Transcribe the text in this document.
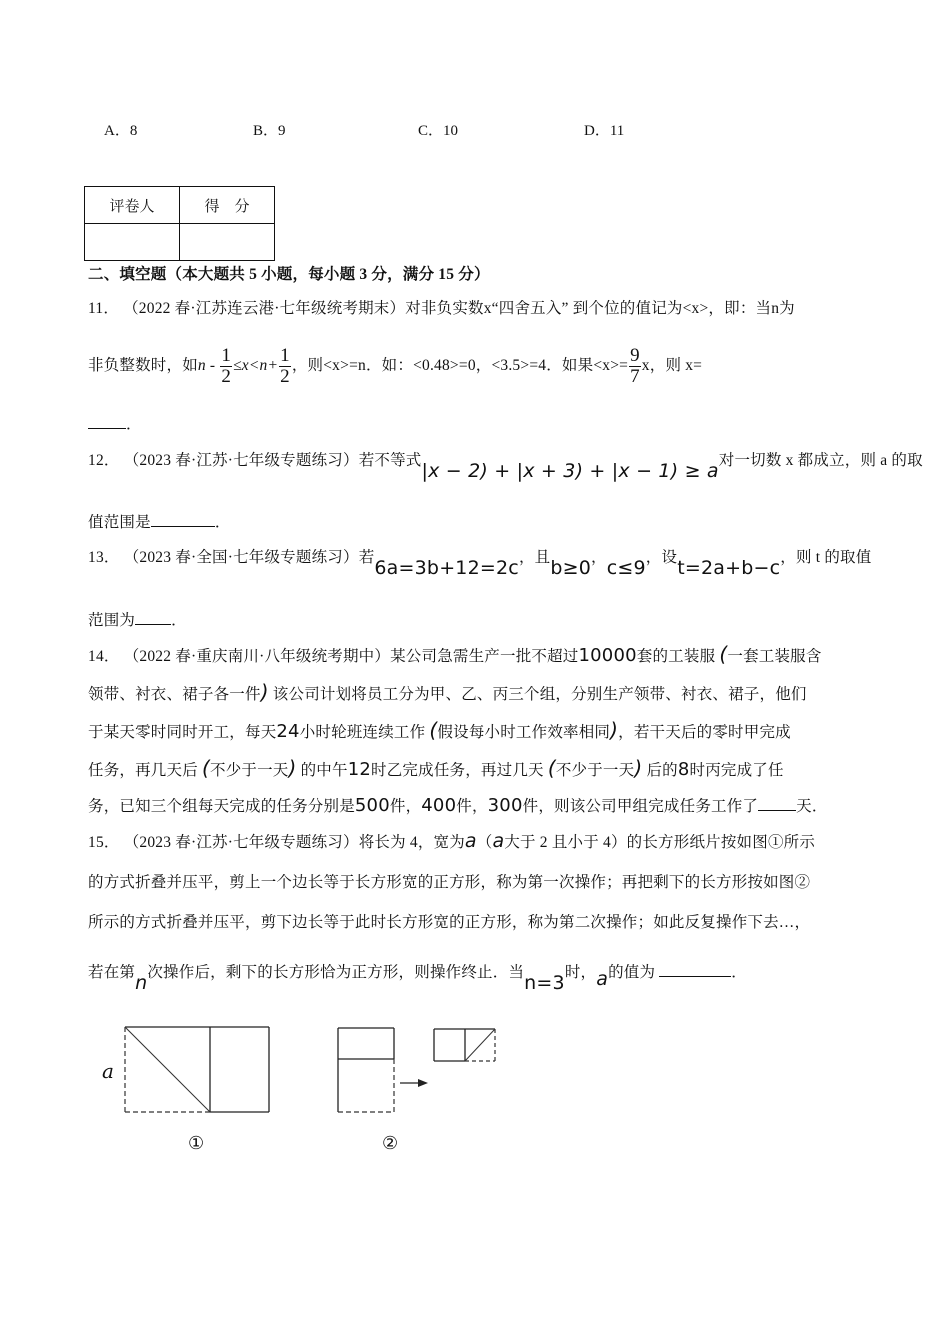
A．8	B．9	C．10	D．11
评卷人	得　分

二、填空题（本大题共 5 小题，每小题 3 分，满分 15 分）
11． （2022 春·江苏连云港·七年级统考期末）对非负实数x“四舍五入” 到个位的值记为<x>，即：当n为
非负整数时，如$n - \frac{1}{2} \le x<n+ \frac{1}{2}$ ，则<x>=n．如：<0.48>=0，<3.5>=4．如果$<x>= \frac{9}{7}$ x，则 x=
．
12． （2023 春·江苏·七年级专题练习）若不等式|x − 2) + |x + 3) + |x − 1) ≥ a对一切数 x 都成立，则 a 的取
值范围是	．
13． （2023 春·全国·七年级专题练习）若6a=3b+12=2c，且b≥0，c≤9，设t=2a+b−c，则 t 的取值
范围为 ．
14． （2022 春·重庆南川·八年级统考期中）某公司急需生产一批不超过10000套的工装服 (一套工装服含
领带、衬衣、裙子各一件) 该公司计划将员工分为甲、乙、丙三个组，分别生产领带、衬衣、裙子，他们
于某天零时同时开工，每天24小时轮班连续工作 (假设每小时工作效率相同)，若干天后的零时甲完成
任务，再几天后 (不少于一天) 的中午12时乙完成任务，再过几天 (不少于一天) 后的8时丙完成了任
务，已知三个组每天完成的任务分别是500件，400件，300件，则该公司甲组完成任务工作了 天．
15． （2023 春·江苏·七年级专题练习）将长为 4，宽为a（a大于 2 且小于 4）的长方形纸片按如图①所示
的方式折叠并压平，剪上一个边长等于长方形宽的正方形，称为第一次操作；再把剩下的长方形按如图②
所示的方式折叠并压平，剪下边长等于此时长方形宽的正方形，称为第二次操作；如此反复操作下去…，
若在第n次操作后，剩下的长方形恰为正方形，则操作终止．当n=3时，a的值为	．
a
①	②
